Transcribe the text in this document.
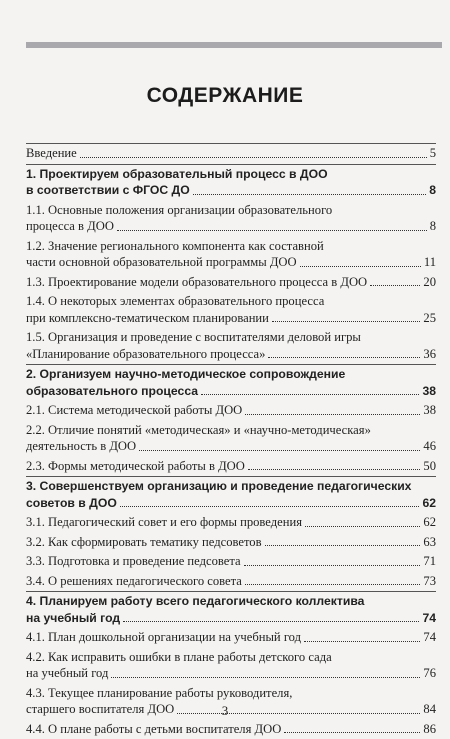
СОДЕРЖАНИЕ
Введение	5
1. Проектируем образовательный процесс в ДОО
в соответствии с ФГОС ДО	8
1.1. Основные положения организации образовательного
процесса в ДОО	8
1.2. Значение регионального компонента как составной
части основной образовательной программы ДОО	11
1.3. Проектирование модели образовательного процесса в ДОО	20
1.4. О некоторых элементах образовательного процесса
при комплексно-тематическом планировании	25
1.5. Организация и проведение с воспитателями деловой игры
«Планирование образовательного процесса»	36
2. Организуем научно-методическое сопровождение
образовательного процесса	38
2.1. Система методической работы ДОО	38
2.2. Отличие понятий «методическая» и «научно-методическая»
деятельность в ДОО	46
2.3. Формы методической работы в ДОО	50
3. Совершенствуем организацию и проведение педагогических
советов в ДОО	62
3.1. Педагогический совет и его формы проведения	62
3.2. Как сформировать тематику педсоветов	63
3.3. Подготовка и проведение педсовета	71
3.4. О решениях педагогического совета	73
4. Планируем работу всего педагогического коллектива
на учебный год	74
4.1. План дошкольной организации на учебный год	74
4.2. Как исправить ошибки в плане работы детского сада
на учебный год	76
4.3. Текущее планирование работы руководителя,
старшего воспитателя ДОО	84
4.4. О плане работы с детьми воспитателя ДОО	86
3
